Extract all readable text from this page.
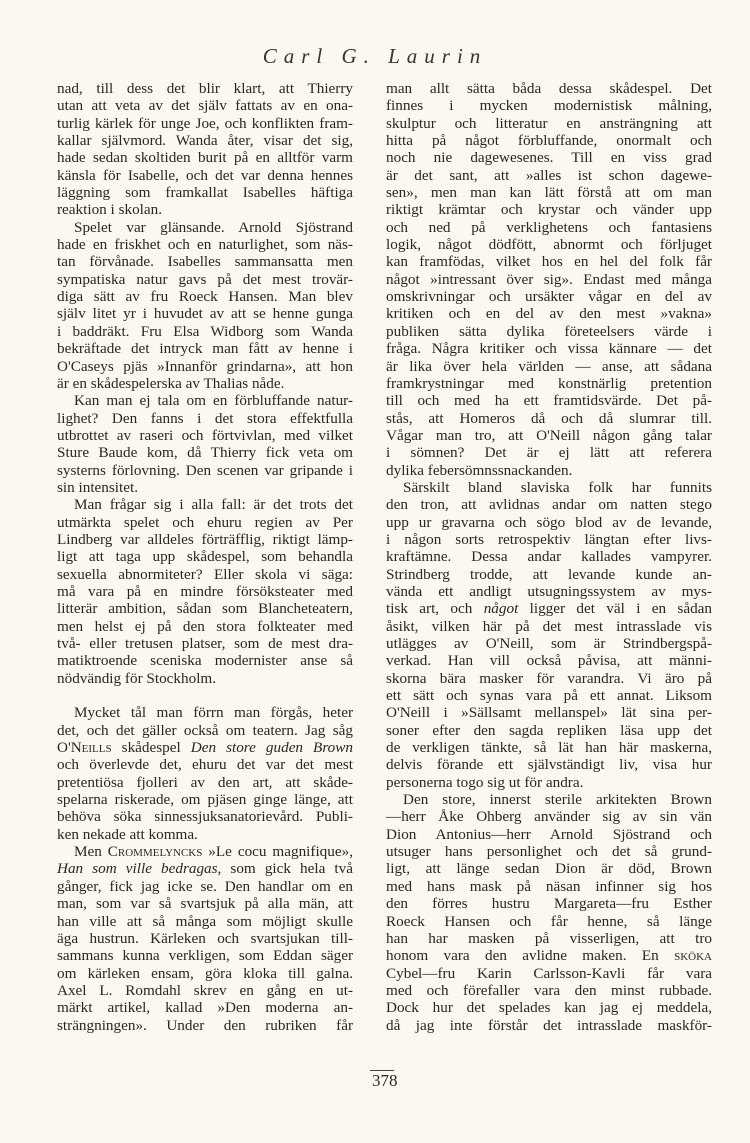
Carl G. Laurin
nad, till dess det blir klart, att Thierry
utan att veta av det själv fattats av en ona-
turlig kärlek för unge Joe, och konflikten fram-
kallar självmord. Wanda åter, visar det sig,
hade sedan skoltiden burit på en alltför varm
känsla för Isabelle, och det var denna hennes
läggning som framkallat Isabelles häftiga
reaktion i skolan.
Spelet var glänsande. Arnold Sjöstrand
hade en friskhet och en naturlighet, som näs-
tan förvånade. Isabelles sammansatta men
sympatiska natur gavs på det mest trovär-
diga sätt av fru Roeck Hansen. Man blev
själv litet yr i huvudet av att se henne gunga
i baddräkt. Fru Elsa Widborg som Wanda
bekräftade det intryck man fått av henne i
O'Caseys pjäs »Innanför grindarna», att hon
är en skådespelerska av Thalias nåde.
Kan man ej tala om en förbluffande natur-
lighet? Den fanns i det stora effektfulla
utbrottet av raseri och förtvivlan, med vilket
Sture Baude kom, då Thierry fick veta om
systerns förlovning. Den scenen var gripande i
sin intensitet.
Man frågar sig i alla fall: är det trots det
utmärkta spelet och ehuru regien av Per
Lindberg var alldeles förträfflig, riktigt lämp-
ligt att taga upp skådespel, som behandla
sexuella abnormiteter? Eller skola vi säga:
må vara på en mindre försöksteater med
litterär ambition, sådan som Blancheteatern,
men helst ej på den stora folkteater med
två- eller tretusen platser, som de mest dra-
matiktroende sceniska modernister anse så
nödvändig för Stockholm.
Mycket tål man förrn man förgås, heter
det, och det gäller också om teatern. Jag såg
O'Neills skådespel Den store guden Brown
och överlevde det, ehuru det var det mest
pretentiösa fjolleri av den art, att skåde-
spelarna riskerade, om pjäsen ginge länge, att
behöva söka sinnessjuksanatorievård. Publi-
ken nekade att komma.
Men Crommelyncks »Le cocu magnifique»,
Han som ville bedragas, som gick hela två
gånger, fick jag icke se. Den handlar om en
man, som var så svartsjuk på alla män, att
han ville att så många som möjligt skulle
äga hustrun. Kärleken och svartsjukan till-
sammans kunna verkligen, som Eddan säger
om kärleken ensam, göra kloka till galna.
Axel L. Romdahl skrev en gång en ut-
märkt artikel, kallad »Den moderna an-
strängningen». Under den rubriken får
man allt sätta båda dessa skådespel. Det
finnes i mycken modernistisk målning,
skulptur och litteratur en ansträngning att
hitta på något förbluffande, onormalt och
noch nie dagewesenes. Till en viss grad
är det sant, att »alles ist schon dagewe-
sen», men man kan lätt förstå att om man
riktigt krämtar och krystar och vänder upp
och ned på verklighetens och fantasiens
logik, något dödfött, abnormt och förljuget
kan framfödas, vilket hos en hel del folk får
något »intressant över sig». Endast med många
omskrivningar och ursäkter vågar en del av
kritiken och en del av den mest »vakna»
publiken sätta dylika företeelsers värde i
fråga. Några kritiker och vissa kännare — det
är lika över hela världen — anse, att sådana
framkrystningar med konstnärlig pretention
till och med ha ett framtidsvärde. Det på-
stås, att Homeros då och då slumrar till.
Vågar man tro, att O'Neill någon gång talar
i sömnen? Det är ej lätt att referera
dylika febersömnssnackanden.
Särskilt bland slaviska folk har funnits
den tron, att avlidnas andar om natten stego
upp ur gravarna och sögo blod av de levande,
i någon sorts retrospektiv längtan efter livs-
kraftämne. Dessa andar kallades vampyrer.
Strindberg trodde, att levande kunde an-
vända ett andligt utsugningssystem av mys-
tisk art, och något ligger det väl i en sådan
åsikt, vilken här på det mest intrasslade vis
utlägges av O'Neill, som är Strindbergspå-
verkad. Han vill också påvisa, att männi-
skorna bära masker för varandra. Vi äro på
ett sätt och synas vara på ett annat. Liksom
O'Neill i »Sällsamt mellanspel» lät sina per-
soner efter den sagda repliken läsa upp det
de verkligen tänkte, så lät han här maskerna,
delvis förande ett självständigt liv, visa hur
personerna togo sig ut för andra.
Den store, innerst sterile arkitekten Brown
—herr Åke Ohberg använder sig av sin vän
Dion Antonius—herr Arnold Sjöstrand och
utsuger hans personlighet och det så grund-
ligt, att länge sedan Dion är död, Brown
med hans mask på näsan infinner sig hos
den förres hustru Margareta—fru Esther
Roeck Hansen och får henne, så länge
han har masken på visserligen, att tro
honom vara den avlidne maken. En sköka
Cybel—fru Karin Carlsson-Kavli får vara
med och förefaller vara den minst rubbade.
Dock hur det spelades kan jag ej meddela,
då jag inte förstår det intrasslade maskför-
378
